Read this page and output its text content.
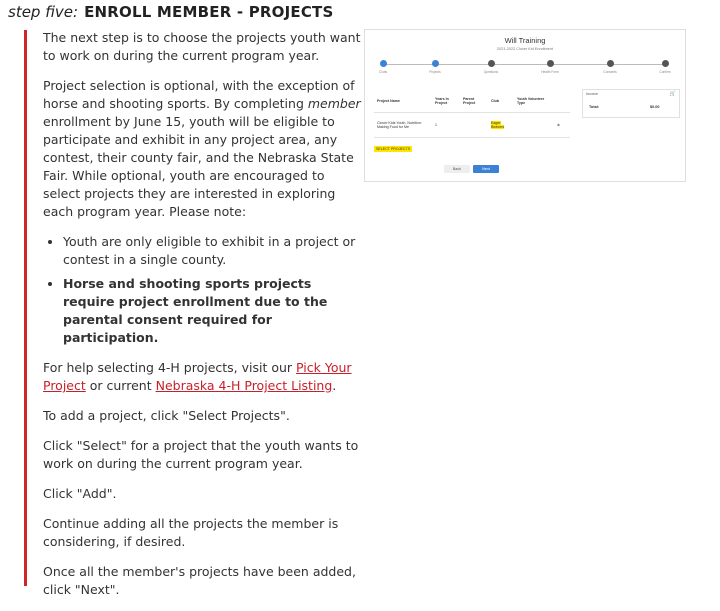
step five: ENROLL MEMBER - PROJECTS

The next step is to choose the projects youth want to work on during the current program year.

Project selection is optional, with the exception of horse and shooting sports. By completing member enrollment by June 15, youth will be eligible to participate and exhibit in any project area, any contest, their county fair, and the Nebraska State Fair. While optional, youth are encouraged to select projects they are interested in exploring each program year. Please note:

• Youth are only eligible to exhibit in a project or contest in a single county.
• Horse and shooting sports projects require project enrollment due to the parental consent required for participation.

For help selecting 4-H projects, visit our Pick Your Project or current Nebraska 4-H Project Listing.

To add a project, click "Select Projects".

Click "Select" for a project that the youth wants to work on during the current program year.

Click "Add".

Continue adding all the projects the member is considering, if desired.

Once all the member's projects have been added, click "Next".

Will Training
2021-2022 Clover Kid Enrollment
Clubs	Projects	Questions	Health Form	Consents	Confirm
Project Name	Years In Project	Parent Project	Club	Youth Volunteer Type	
Clover Kids Youth, Nutrition: Making Food for Me	1		Eager Beavers		⊗
SELECT PROJECTS
Invoice	🛒
Total:	$0.00
Back	Next
